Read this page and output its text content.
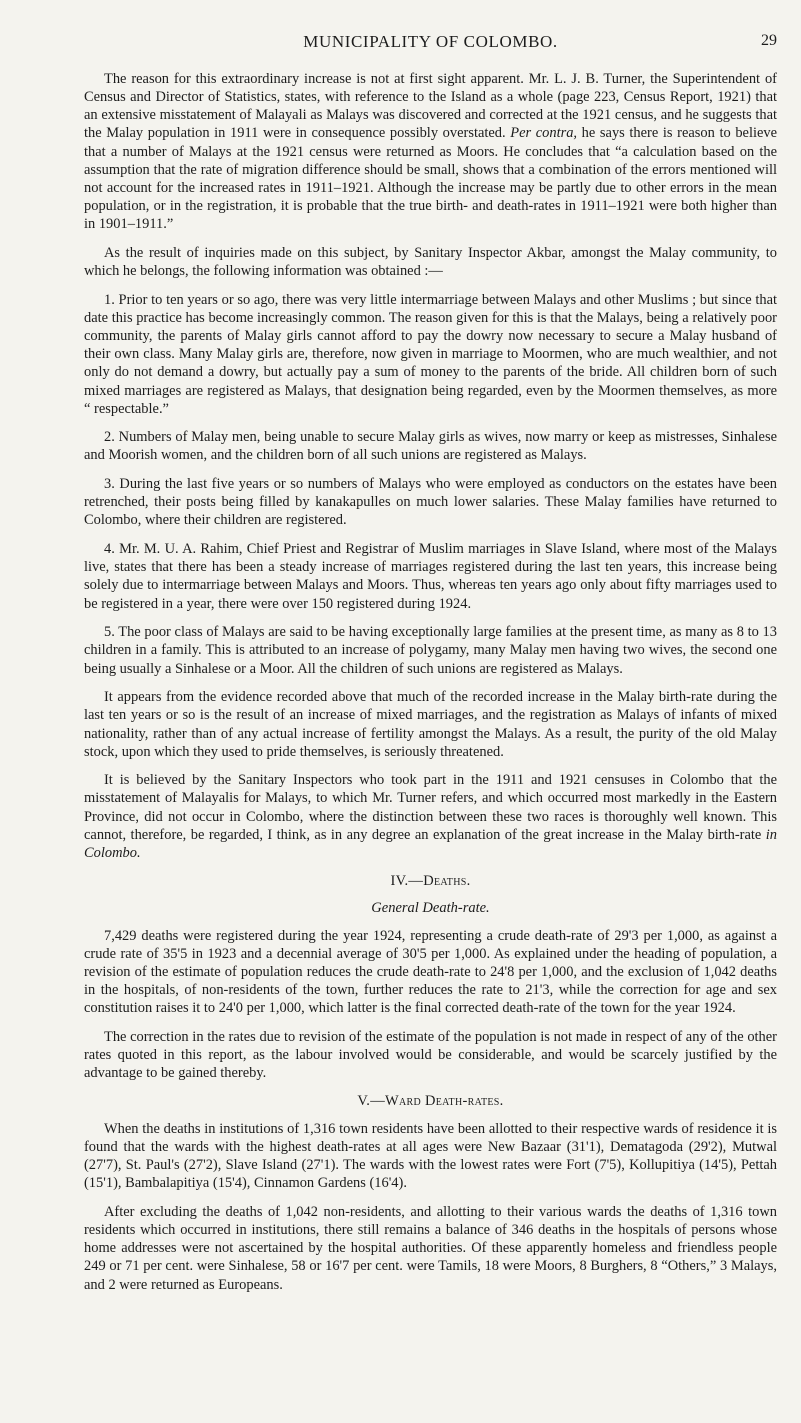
MUNICIPALITY OF COLOMBO.	29

The reason for this extraordinary increase is not at first sight apparent. Mr. L. J. B. Turner, the Superintendent of Census and Director of Statistics, states, with reference to the Island as a whole (page 223, Census Report, 1921) that an extensive misstatement of Malayali as Malays was discovered and corrected at the 1921 census, and he suggests that the Malay population in 1911 were in consequence possibly overstated. Per contra, he says there is reason to believe that a number of Malays at the 1921 census were returned as Moors. He concludes that “a calculation based on the assumption that the rate of migration difference should be small, shows that a combination of the errors mentioned will not account for the increased rates in 1911–1921. Although the increase may be partly due to other errors in the mean population, or in the registration, it is probable that the true birth- and death-rates in 1911–1921 were both higher than in 1901–1911.”

As the result of inquiries made on this subject, by Sanitary Inspector Akbar, amongst the Malay community, to which he belongs, the following information was obtained :—

1. Prior to ten years or so ago, there was very little intermarriage between Malays and other Muslims ; but since that date this practice has become increasingly common. The reason given for this is that the Malays, being a relatively poor community, the parents of Malay girls cannot afford to pay the dowry now necessary to secure a Malay husband of their own class. Many Malay girls are, therefore, now given in marriage to Moormen, who are much wealthier, and not only do not demand a dowry, but actually pay a sum of money to the parents of the bride. All children born of such mixed marriages are registered as Malays, that designation being regarded, even by the Moormen themselves, as more “ respectable.”

2. Numbers of Malay men, being unable to secure Malay girls as wives, now marry or keep as mistresses, Sinhalese and Moorish women, and the children born of all such unions are registered as Malays.

3. During the last five years or so numbers of Malays who were employed as conductors on the estates have been retrenched, their posts being filled by kanakapulles on much lower salaries. These Malay families have returned to Colombo, where their children are registered.

4. Mr. M. U. A. Rahim, Chief Priest and Registrar of Muslim marriages in Slave Island, where most of the Malays live, states that there has been a steady increase of marriages registered during the last ten years, this increase being solely due to intermarriage between Malays and Moors. Thus, whereas ten years ago only about fifty marriages used to be registered in a year, there were over 150 registered during 1924.

5. The poor class of Malays are said to be having exceptionally large families at the present time, as many as 8 to 13 children in a family. This is attributed to an increase of polygamy, many Malay men having two wives, the second one being usually a Sinhalese or a Moor. All the children of such unions are registered as Malays.

It appears from the evidence recorded above that much of the recorded increase in the Malay birth-rate during the last ten years or so is the result of an increase of mixed marriages, and the registration as Malays of infants of mixed nationality, rather than of any actual increase of fertility amongst the Malays. As a result, the purity of the old Malay stock, upon which they used to pride themselves, is seriously threatened.

It is believed by the Sanitary Inspectors who took part in the 1911 and 1921 censuses in Colombo that the misstatement of Malayalis for Malays, to which Mr. Turner refers, and which occurred most markedly in the Eastern Province, did not occur in Colombo, where the distinction between these two races is thoroughly well known. This cannot, therefore, be regarded, I think, as in any degree an explanation of the great increase in the Malay birth-rate in Colombo.

IV.—Deaths.
General Death-rate.

7,429 deaths were registered during the year 1924, representing a crude death-rate of 29'3 per 1,000, as against a crude rate of 35'5 in 1923 and a decennial average of 30'5 per 1,000. As explained under the heading of population, a revision of the estimate of population reduces the crude death-rate to 24'8 per 1,000, and the exclusion of 1,042 deaths in the hospitals, of non-residents of the town, further reduces the rate to 21'3, while the correction for age and sex constitution raises it to 24'0 per 1,000, which latter is the final corrected death-rate of the town for the year 1924.

The correction in the rates due to revision of the estimate of the population is not made in respect of any of the other rates quoted in this report, as the labour involved would be considerable, and would be scarcely justified by the advantage to be gained thereby.

V.—Ward Death-rates.

When the deaths in institutions of 1,316 town residents have been allotted to their respective wards of residence it is found that the wards with the highest death-rates at all ages were New Bazaar (31'1), Dematagoda (29'2), Mutwal (27'7), St. Paul's (27'2), Slave Island (27'1). The wards with the lowest rates were Fort (7'5), Kollupitiya (14'5), Pettah (15'1), Bambalapitiya (15'4), Cinnamon Gardens (16'4).

After excluding the deaths of 1,042 non-residents, and allotting to their various wards the deaths of 1,316 town residents which occurred in institutions, there still remains a balance of 346 deaths in the hospitals of persons whose home addresses were not ascertained by the hospital authorities. Of these apparently homeless and friendless people 249 or 71 per cent. were Sinhalese, 58 or 16'7 per cent. were Tamils, 18 were Moors, 8 Burghers, 8 “Others,” 3 Malays, and 2 were returned as Europeans.
